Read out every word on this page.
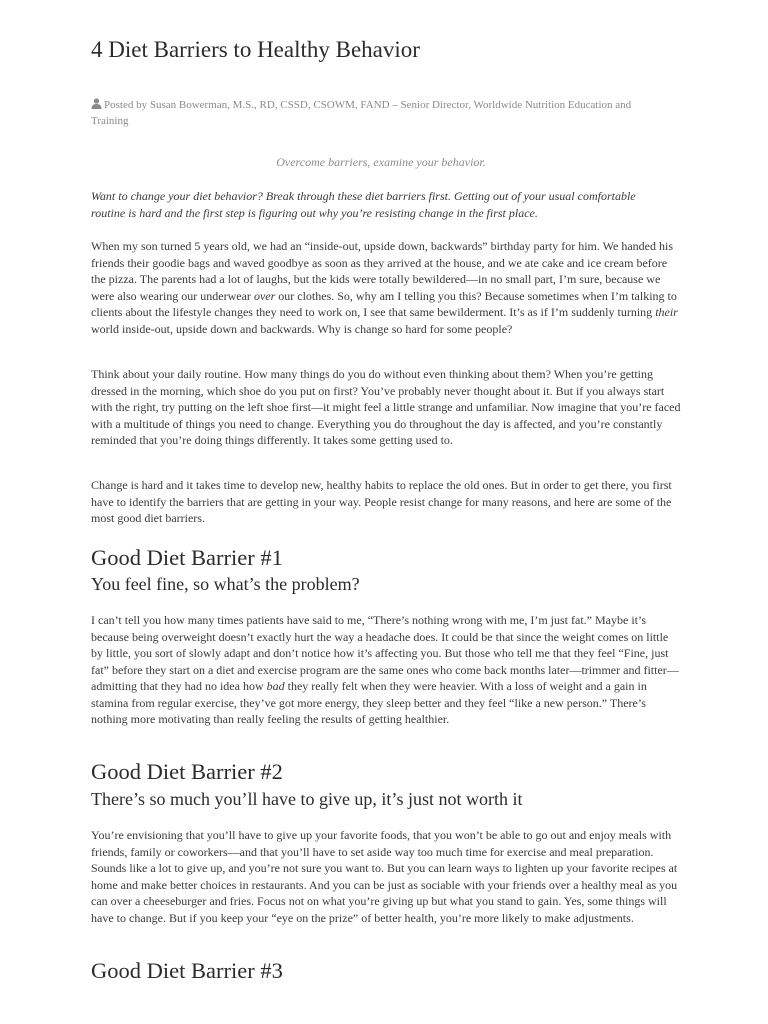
4 Diet Barriers to Healthy Behavior
Posted by Susan Bowerman, M.S., RD, CSSD, CSOWM, FAND – Senior Director, Worldwide Nutrition Education and Training
Overcome barriers, examine your behavior.
Want to change your diet behavior? Break through these diet barriers first. Getting out of your usual comfortable routine is hard and the first step is figuring out why you’re resisting change in the first place.

When my son turned 5 years old, we had an “inside-out, upside down, backwards” birthday party for him. We handed his friends their goodie bags and waved goodbye as soon as they arrived at the house, and we ate cake and ice cream before the pizza. The parents had a lot of laughs, but the kids were totally bewildered—in no small part, I’m sure, because we were also wearing our underwear over our clothes. So, why am I telling you this? Because sometimes when I’m talking to clients about the lifestyle changes they need to work on, I see that same bewilderment. It’s as if I’m suddenly turning their world inside-out, upside down and backwards. Why is change so hard for some people?

Think about your daily routine. How many things do you do without even thinking about them? When you’re getting dressed in the morning, which shoe do you put on first? You’ve probably never thought about it. But if you always start with the right, try putting on the left shoe first—it might feel a little strange and unfamiliar. Now imagine that you’re faced with a multitude of things you need to change. Everything you do throughout the day is affected, and you’re constantly reminded that you’re doing things differently. It takes some getting used to.

Change is hard and it takes time to develop new, healthy habits to replace the old ones. But in order to get there, you first have to identify the barriers that are getting in your way. People resist change for many reasons, and here are some of the most good diet barriers.

Good Diet Barrier #1
You feel fine, so what’s the problem?

I can’t tell you how many times patients have said to me, “There’s nothing wrong with me, I’m just fat.” Maybe it’s because being overweight doesn’t exactly hurt the way a headache does. It could be that since the weight comes on little by little, you sort of slowly adapt and don’t notice how it’s affecting you. But those who tell me that they feel “Fine, just fat” before they start on a diet and exercise program are the same ones who come back months later—trimmer and fitter—admitting that they had no idea how bad they really felt when they were heavier. With a loss of weight and a gain in stamina from regular exercise, they’ve got more energy, they sleep better and they feel “like a new person.” There’s nothing more motivating than really feeling the results of getting healthier.

Good Diet Barrier #2
There’s so much you’ll have to give up, it’s just not worth it

You’re envisioning that you’ll have to give up your favorite foods, that you won’t be able to go out and enjoy meals with friends, family or coworkers—and that you’ll have to set aside way too much time for exercise and meal preparation. Sounds like a lot to give up, and you’re not sure you want to. But you can learn ways to lighten up your favorite recipes at home and make better choices in restaurants. And you can be just as sociable with your friends over a healthy meal as you can over a cheeseburger and fries. Focus not on what you’re giving up but what you stand to gain. Yes, some things will have to change. But if you keep your “eye on the prize” of better health, you’re more likely to make adjustments.

Good Diet Barrier #3
